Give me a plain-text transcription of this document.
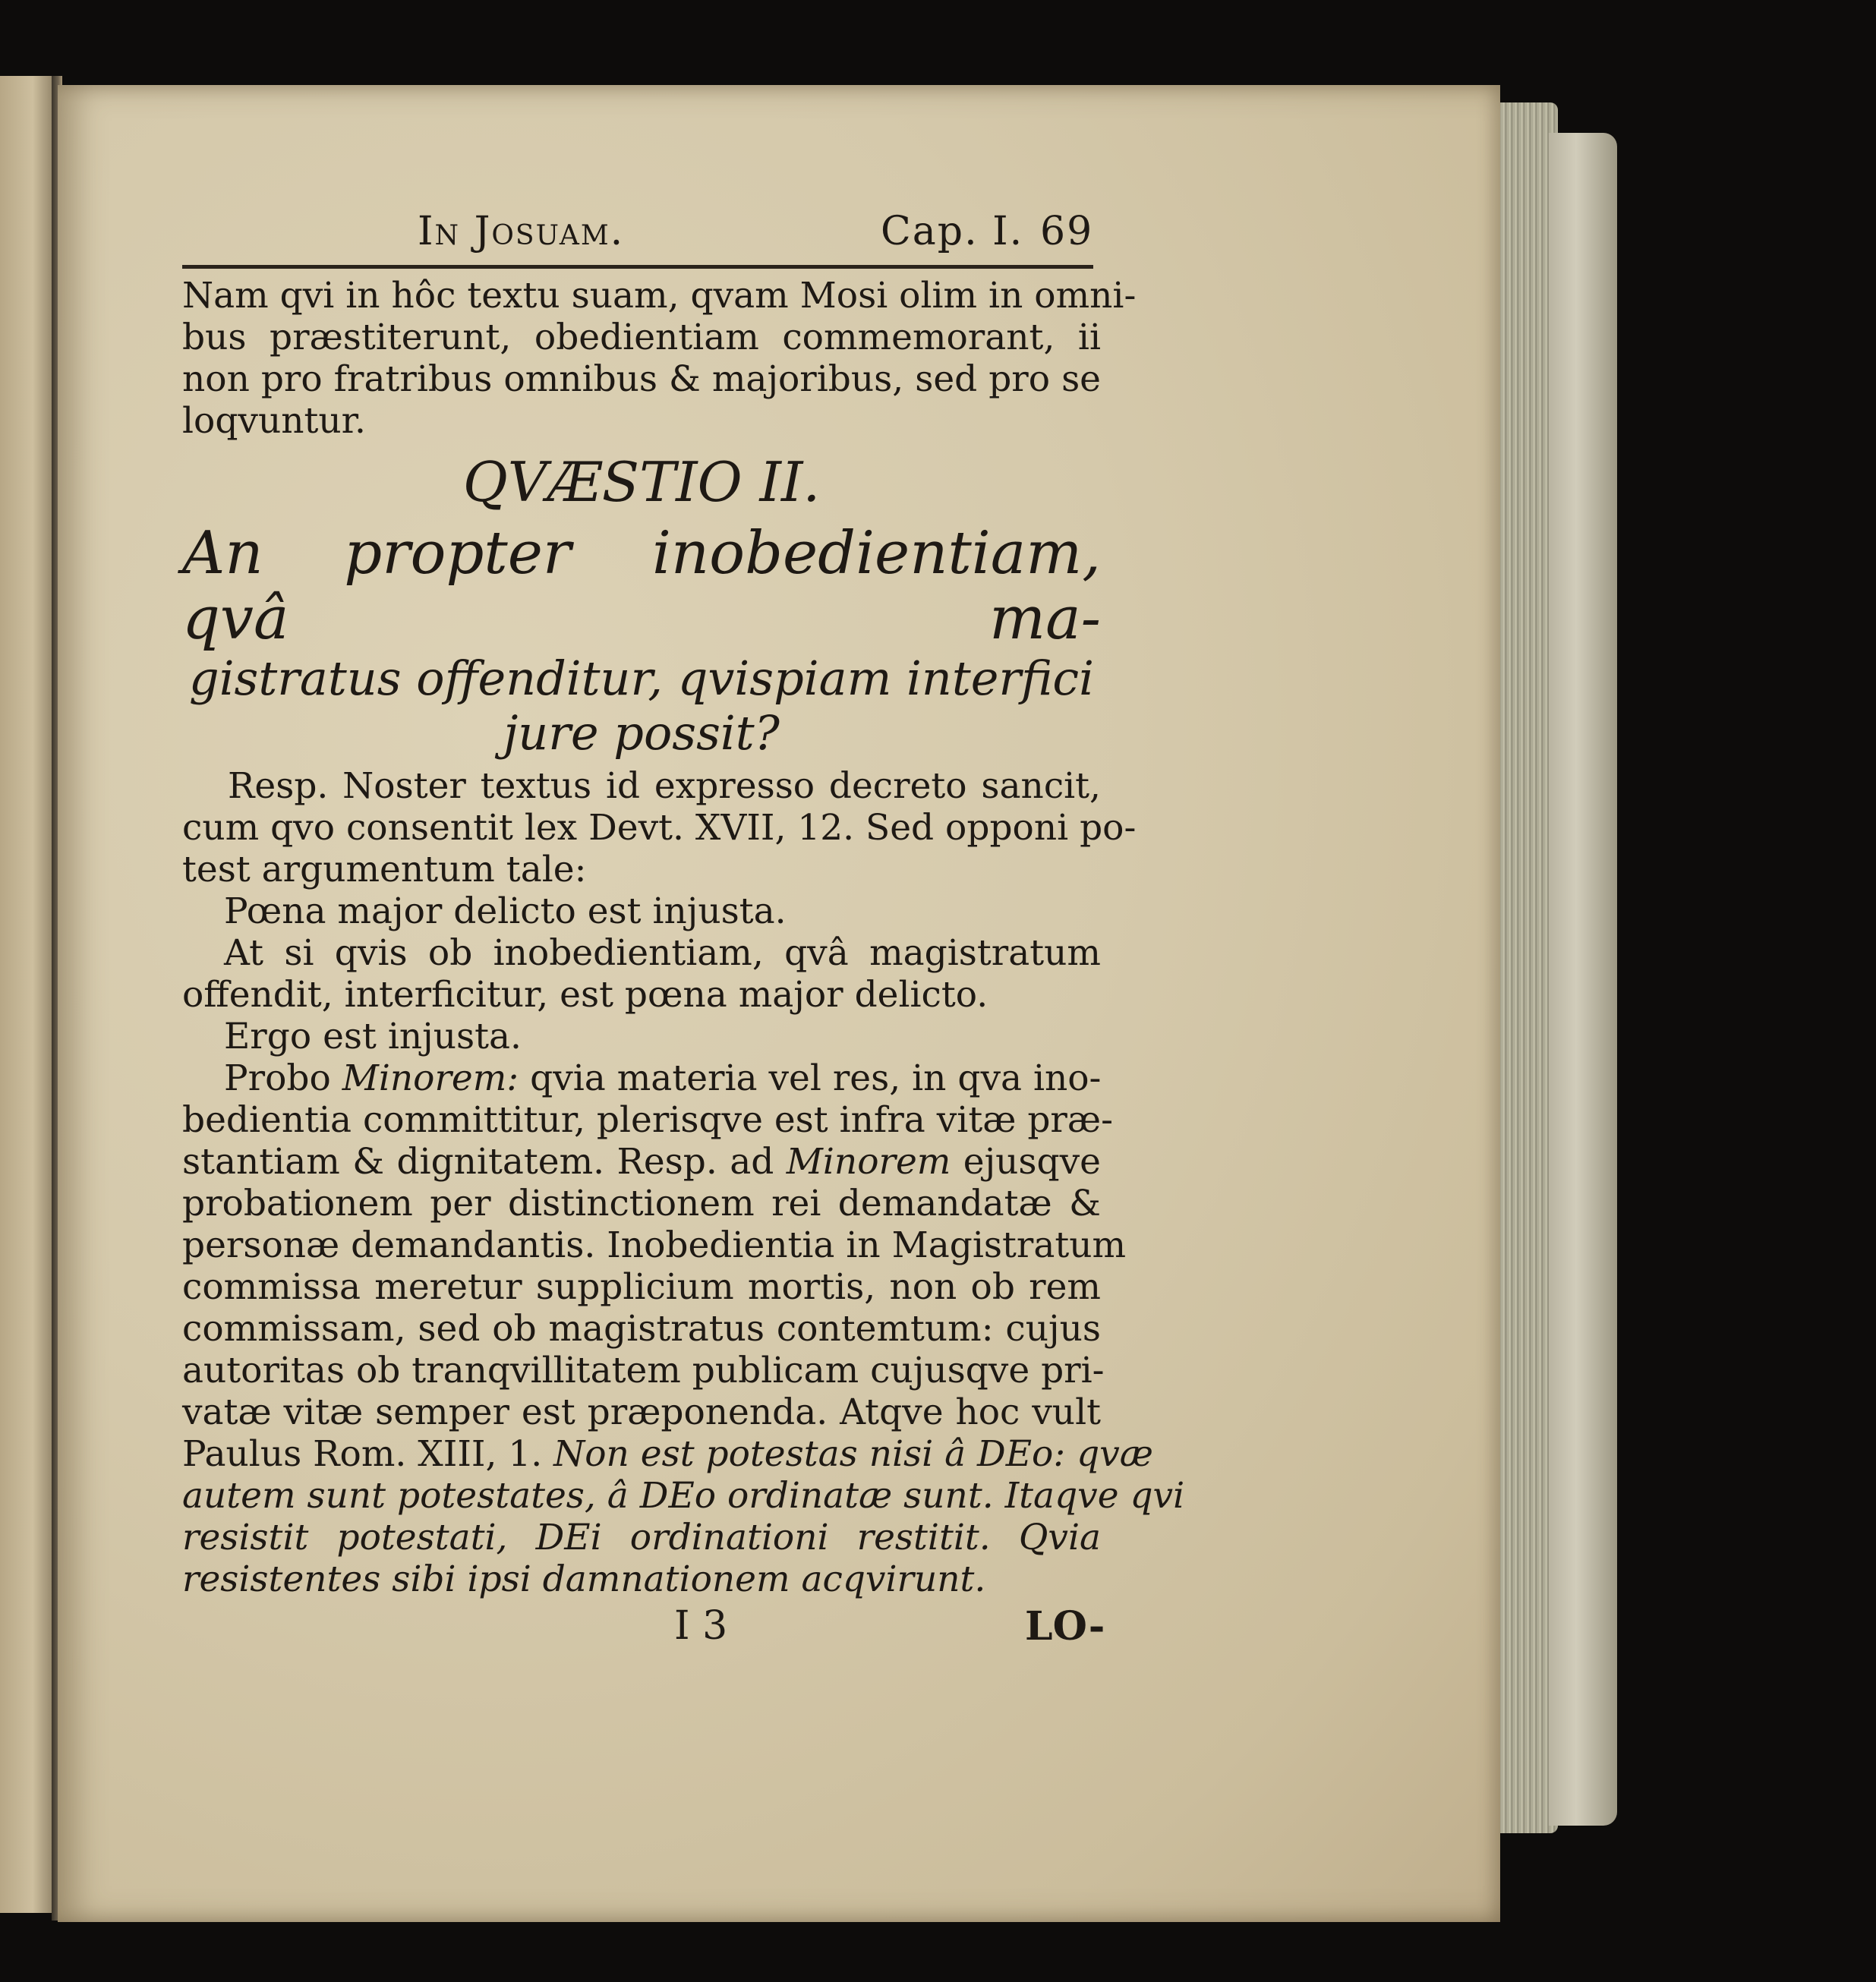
In Josuam.	Cap. I. 69

Nam qvi in hôc textu suam, qvam Mosi olim in omni-

bus præstiterunt, obedientiam commemorant, ii

non pro fratribus omnibus & majoribus, sed pro se

loqvuntur.

QVÆSTIO II.

An propter inobedientiam, qvâ ma-

gistratus offenditur, qvispiam interfici

jure possit?

Resp. Noster textus id expresso decreto sancit,

cum qvo consentit lex Devt. XVII, 12. Sed opponi po-

test argumentum tale:

Pœna major delicto est injusta.

At si qvis ob inobedientiam, qvâ magistratum

offendit, interficitur, est pœna major delicto.

Ergo est injusta.

Probo Minorem: qvia materia vel res, in qva ino-

bedientia committitur, plerisqve est infra vitæ præ-

stantiam & dignitatem. Resp. ad Minorem ejusqve

probationem per distinctionem rei demandatæ &

personæ demandantis. Inobedientia in Magistratum

commissa meretur supplicium mortis, non ob rem

commissam, sed ob magistratus contemtum: cujus

autoritas ob tranqvillitatem publicam cujusqve pri-

vatæ vitæ semper est præponenda. Atqve hoc vult

Paulus Rom. XIII, 1. Non est potestas nisi â DEo: qvæ

autem sunt potestates, â DEo ordinatæ sunt. Itaqve qvi

resistit potestati, DEi ordinationi restitit. Qvia

resistentes sibi ipsi damnationem acqvirunt.

I 3	LO-
